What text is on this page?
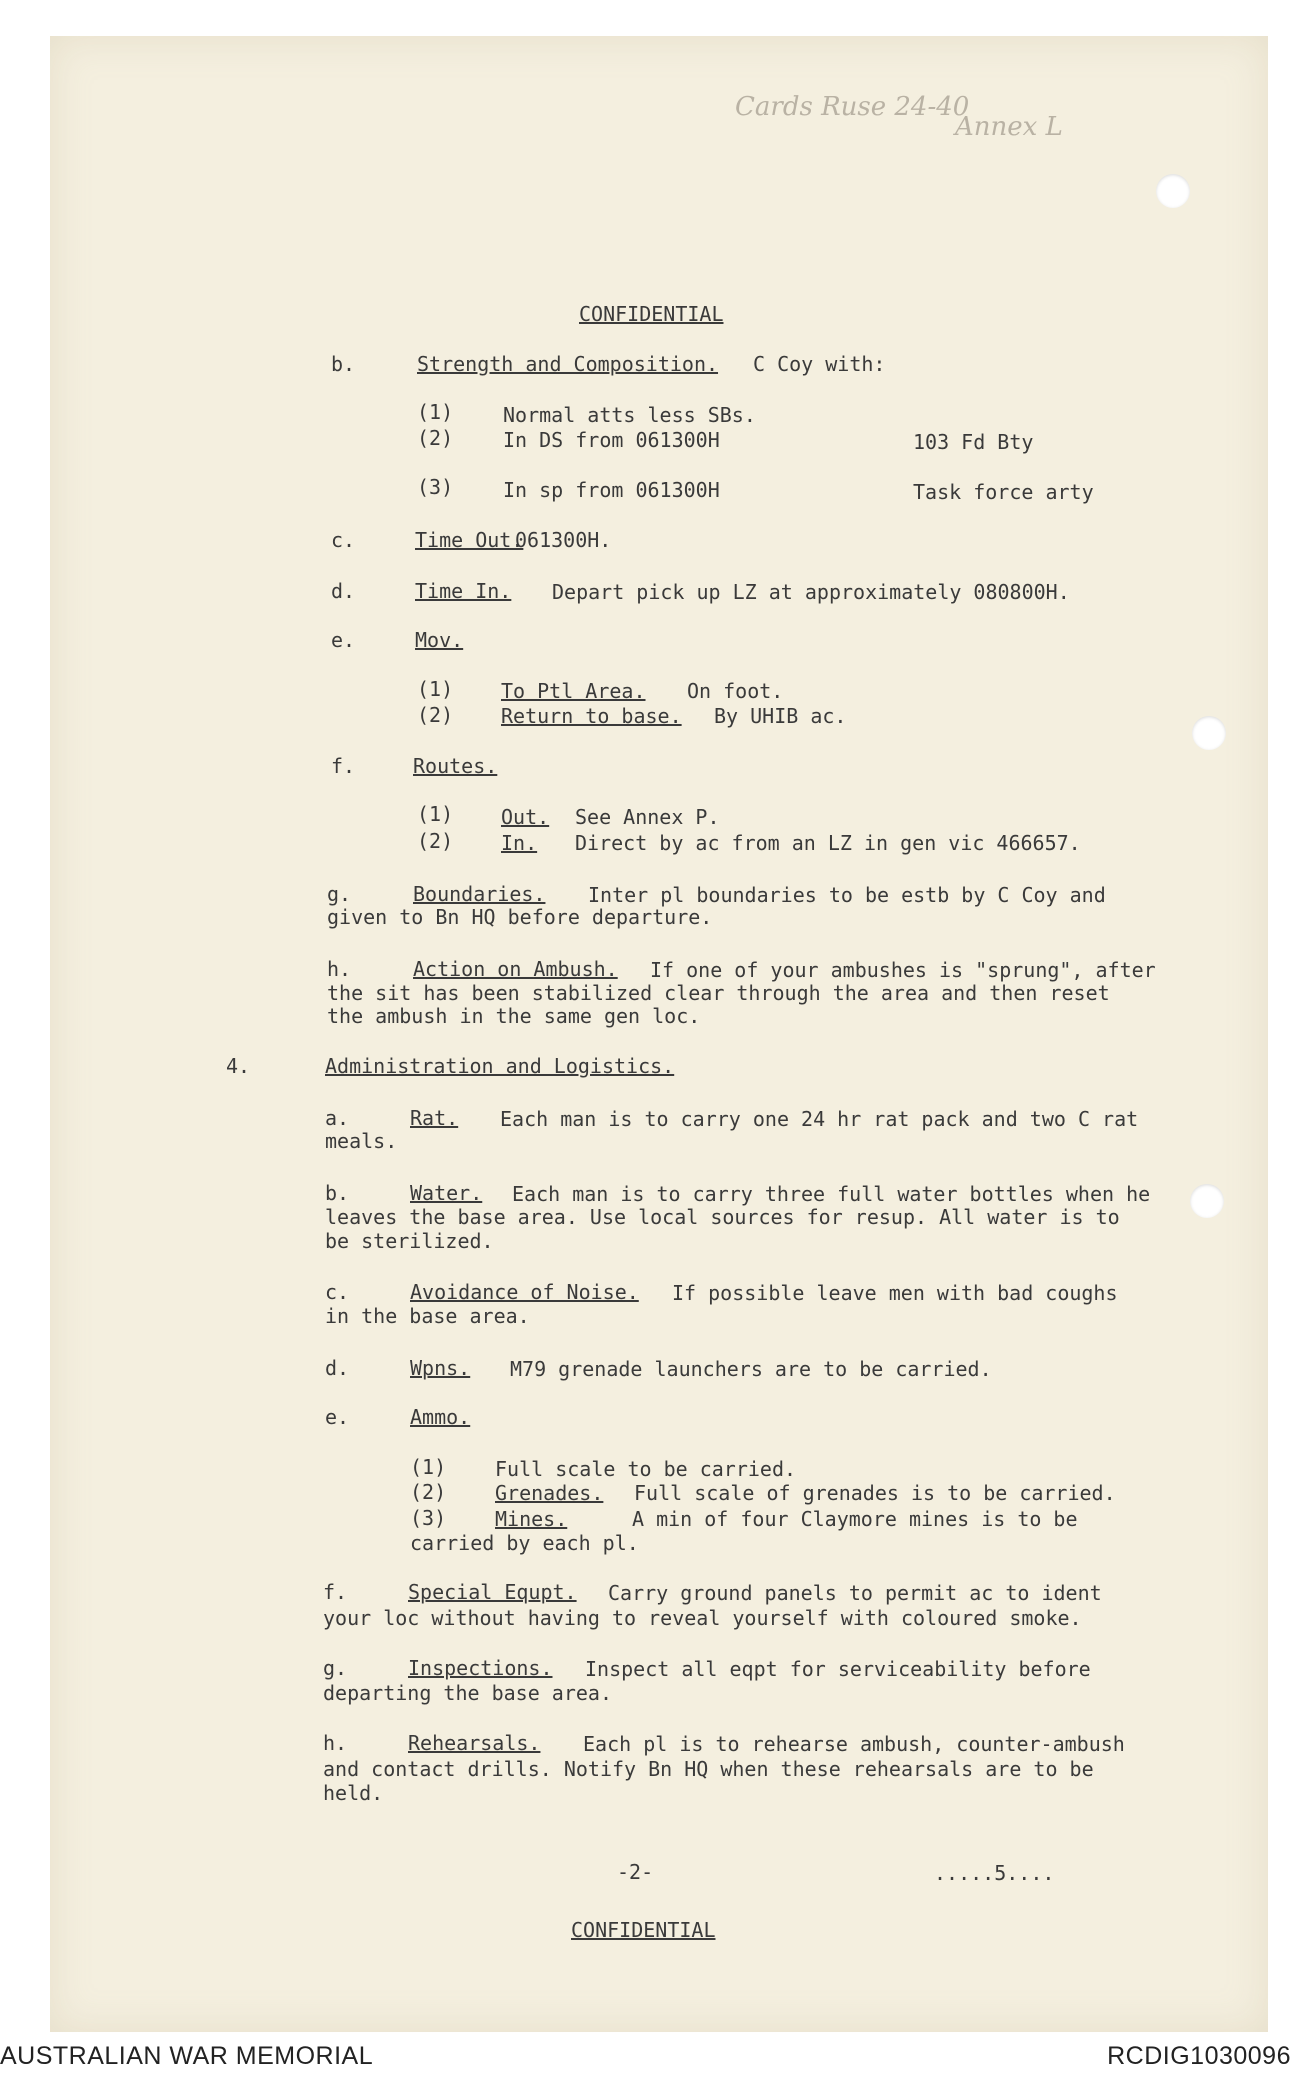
Cards Ruse 24-40
Annex L
CONFIDENTIAL
b.	Strength and Composition. C Coy with:
(1) Normal atts less SBs.
(2) In DS from 061300H	103 Fd Bty
(3) In sp from 061300H	Task force arty
c.	Time Out.
061300H.
d.	Time In. Depart pick up LZ at approximately 080800H.
e.	Mov.
(1) To Ptl Area. On foot.
(2) Return to base. By UHIB ac.
f.	Routes.
(1) Out. See Annex P.
(2) In. Direct by ac from an LZ in gen vic 466657.
g.	Boundaries. Inter pl boundaries to be estb by C Coy and
given to Bn HQ before departure.
h.	Action on Ambush. If one of your ambushes is "sprung", after
the sit has been stabilized clear through the area and then reset
the ambush in the same gen loc.
4.	Administration and Logistics.
a.	Rat. Each man is to carry one 24 hr rat pack and two C rat
meals.
b.	Water. Each man is to carry three full water bottles when he
leaves the base area. Use local sources for resup. All water is to
be sterilized.
c.	Avoidance of Noise. If possible leave men with bad coughs
in the base area.
d.	Wpns. M79 grenade launchers are to be carried.
e.	Ammo.
(1) Full scale to be carried.
(2) Grenades. Full scale of grenades is to be carried.
(3) Mines.	A min of four Claymore mines is to be
carried by each pl.
f.	Special Equpt. Carry ground panels to permit ac to ident
your loc without having to reveal yourself with coloured smoke.
g.	Inspections. Inspect all eqpt for serviceability before
departing the base area.
h.	Rehearsals. Each pl is to rehearse ambush, counter-ambush
and contact drills. Notify Bn HQ when these rehearsals are to be
held.
-2-	.....5....
CONFIDENTIAL
AUSTRALIAN WAR MEMORIAL	RCDIG1030096
